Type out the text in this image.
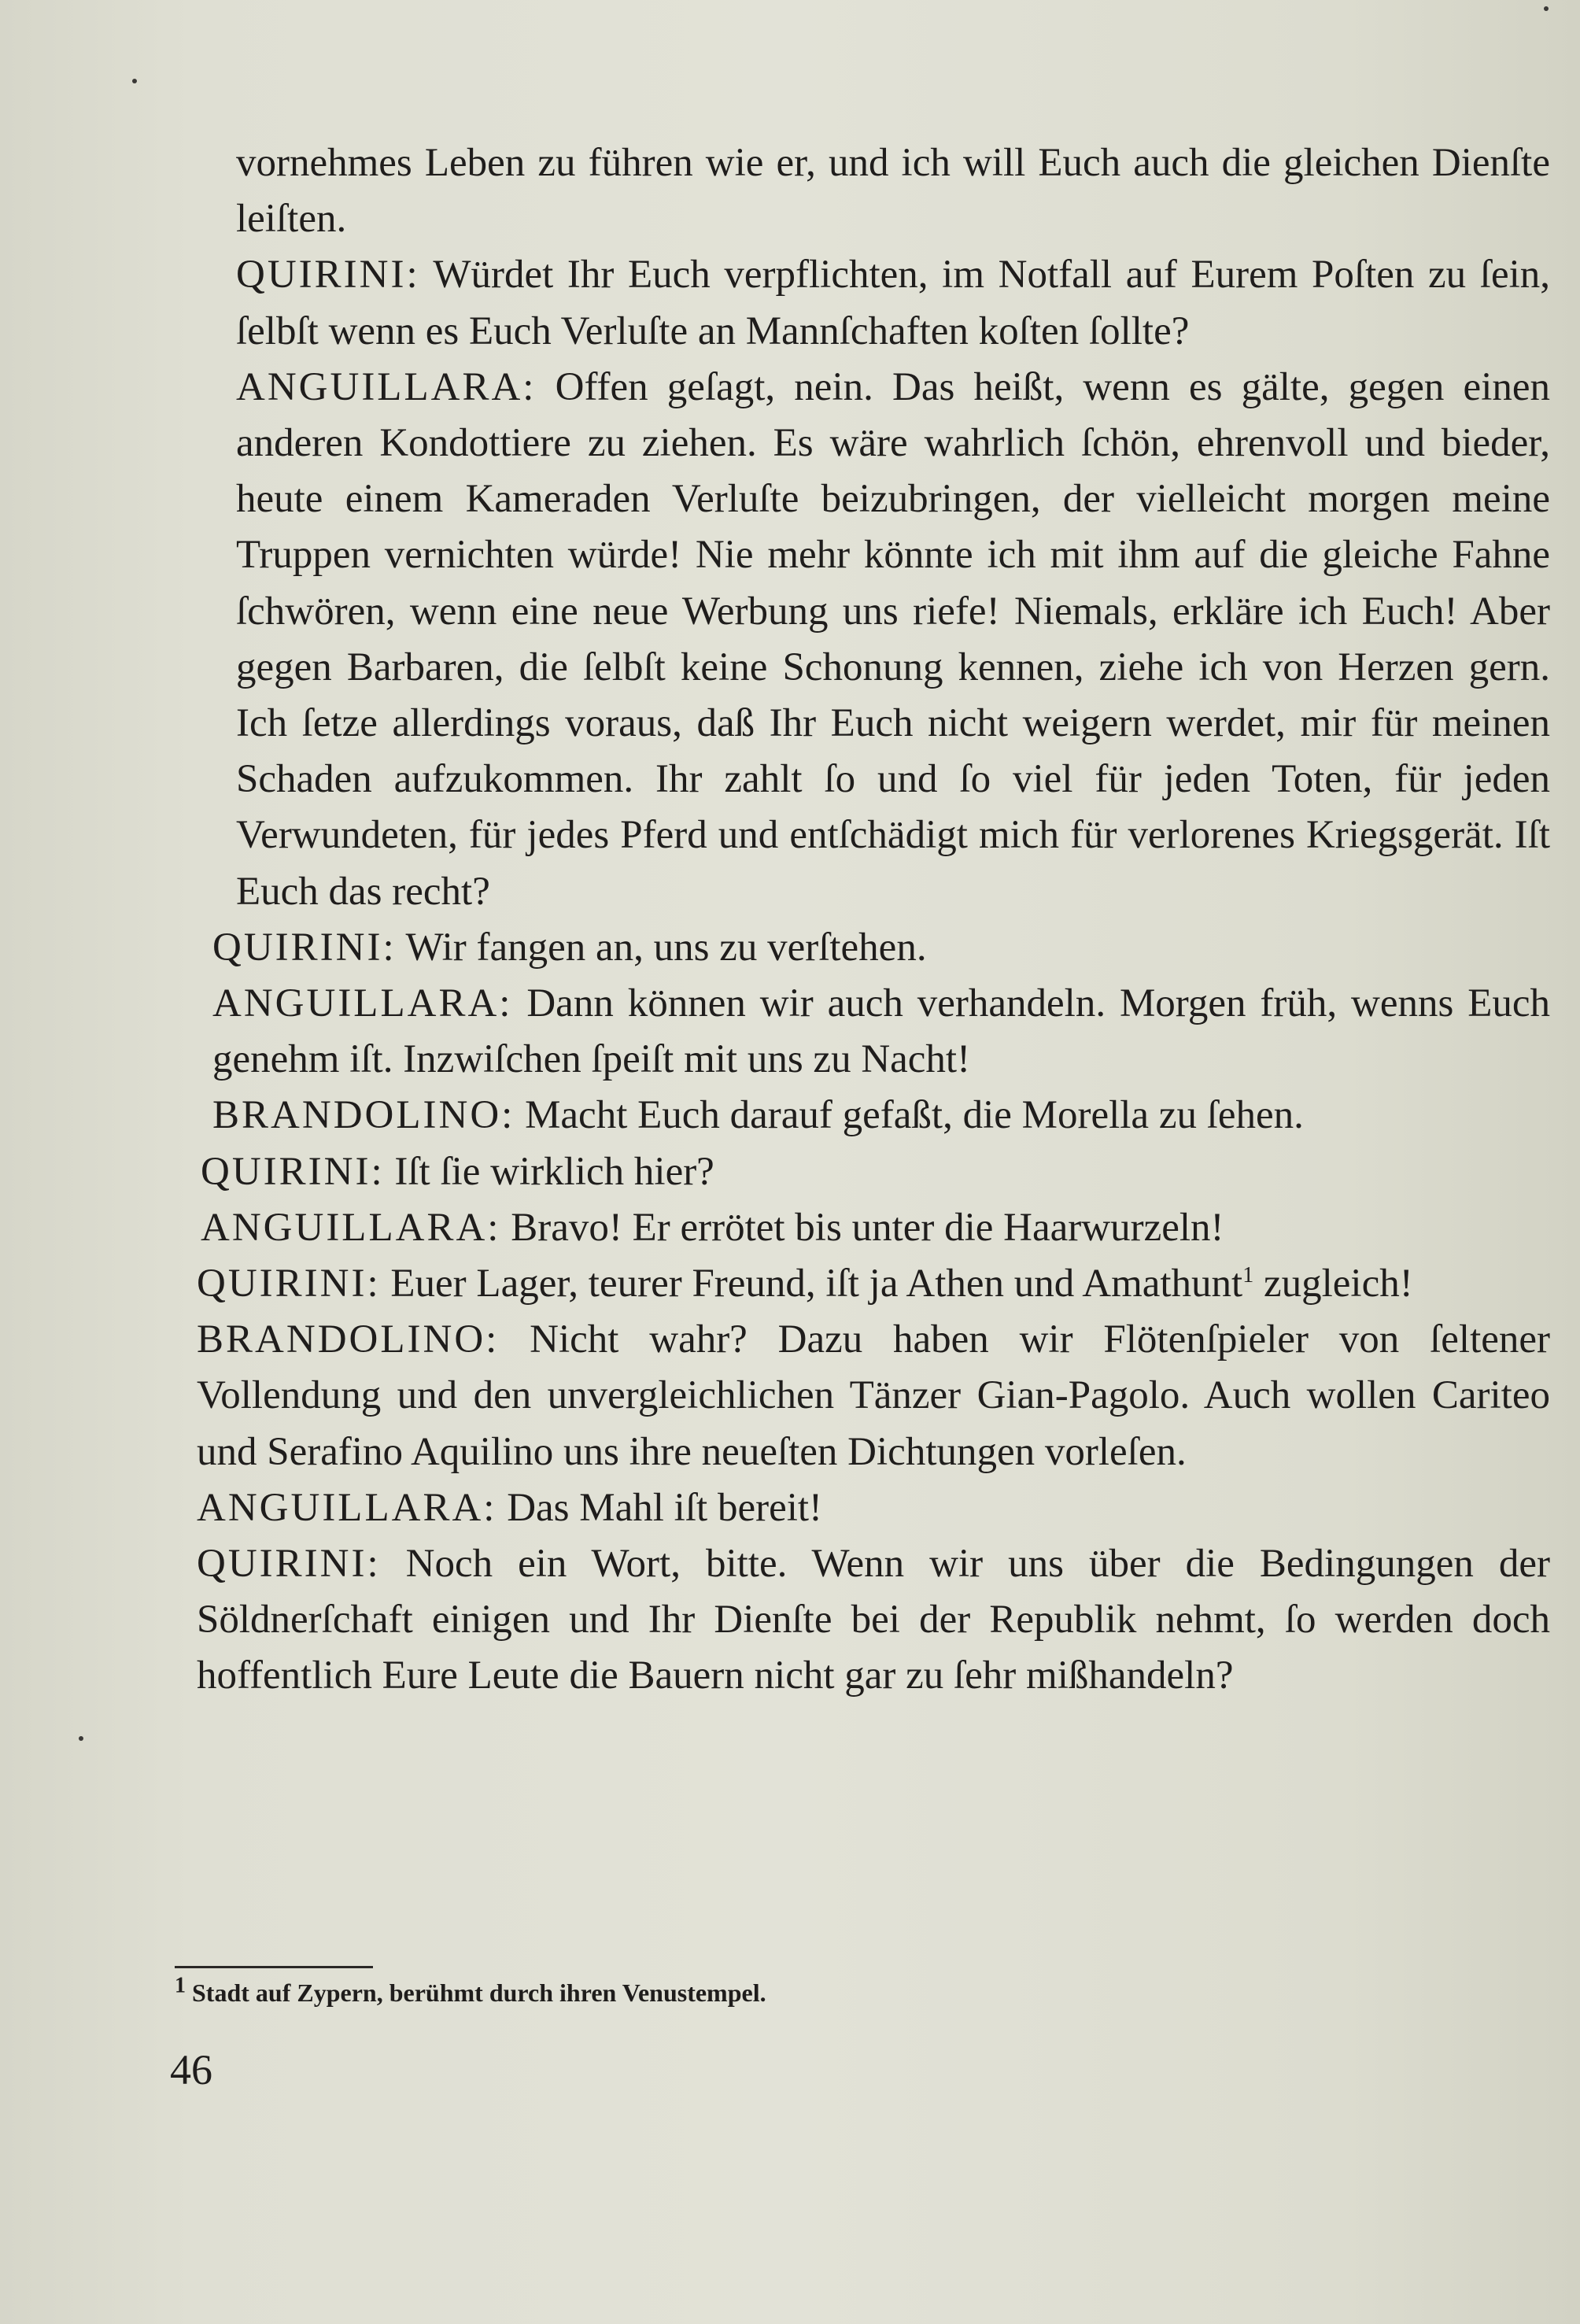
vornehmes Leben zu führen wie er, und ich will Euch auch die gleichen Dienſte leiſten.

QUIRINI: Würdet Ihr Euch verpflichten, im Notfall auf Eurem Poſten zu ſein, ſelbſt wenn es Euch Verluſte an Mannſchaften koſten ſollte?

ANGUILLARA: Offen geſagt, nein. Das heißt, wenn es gälte, gegen einen anderen Kondottiere zu ziehen. Es wäre wahrlich ſchön, ehrenvoll und bieder, heute einem Kameraden Verluſte beizubringen, der vielleicht morgen meine Truppen vernichten würde! Nie mehr könnte ich mit ihm auf die gleiche Fahne ſchwören, wenn eine neue Werbung uns riefe! Niemals, erkläre ich Euch! Aber gegen Barbaren, die ſelbſt keine Schonung kennen, ziehe ich von Herzen gern. Ich ſetze allerdings voraus, daß Ihr Euch nicht weigern werdet, mir für meinen Schaden aufzukommen. Ihr zahlt ſo und ſo viel für jeden Toten, für jeden Verwundeten, für jedes Pferd und entſchädigt mich für verlorenes Kriegsgerät. Iſt Euch das recht?

QUIRINI: Wir fangen an, uns zu verſtehen.

ANGUILLARA: Dann können wir auch verhandeln. Morgen früh, wenns Euch genehm iſt. Inzwiſchen ſpeiſt mit uns zu Nacht!

BRANDOLINO: Macht Euch darauf gefaßt, die Morella zu ſehen.

QUIRINI: Iſt ſie wirklich hier?

ANGUILLARA: Bravo! Er errötet bis unter die Haarwurzeln!

QUIRINI: Euer Lager, teurer Freund, iſt ja Athen und Amathunt$^1$ zugleich!

BRANDOLINO: Nicht wahr? Dazu haben wir Flötenſpieler von ſeltener Vollendung und den unvergleichlichen Tänzer Gian-Pagolo. Auch wollen Cariteo und Serafino Aquilino uns ihre neueſten Dichtungen vorleſen.

ANGUILLARA: Das Mahl iſt bereit!

QUIRINI: Noch ein Wort, bitte. Wenn wir uns über die Bedingungen der Söldnerſchaft einigen und Ihr Dienſte bei der Republik nehmt, ſo werden doch hoffentlich Eure Leute die Bauern nicht gar zu ſehr mißhandeln?

$^1$ Stadt auf Zypern, berühmt durch ihren Venustempel.
46
